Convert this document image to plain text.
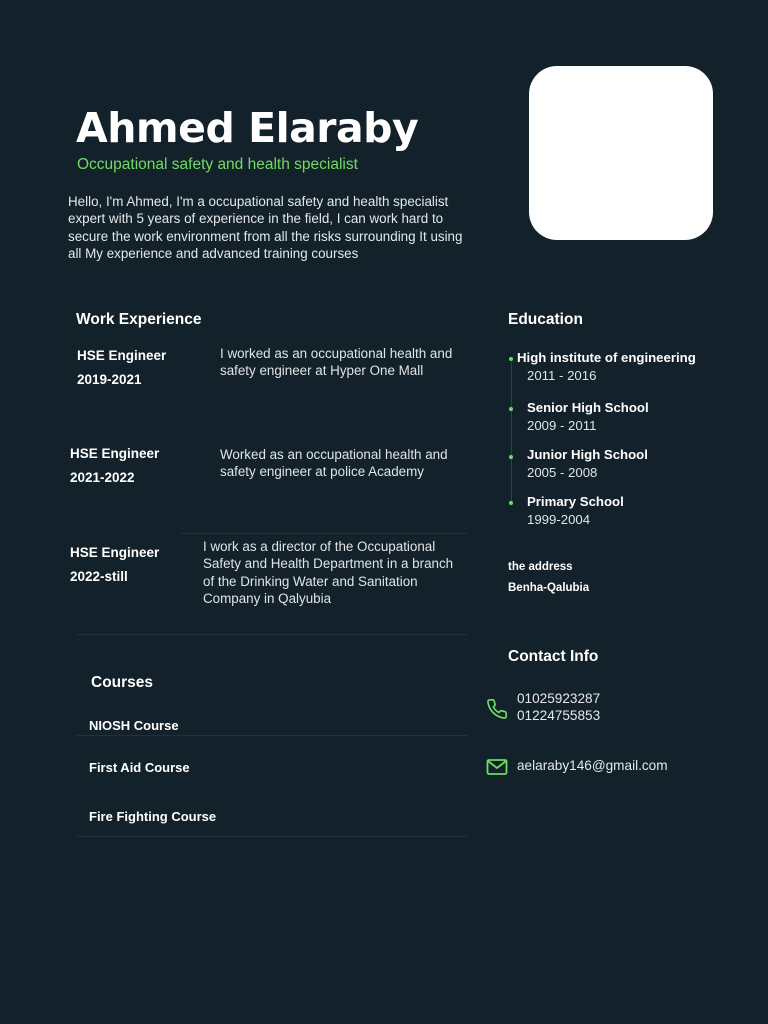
Ahmed Elaraby
Occupational safety and health specialist
Hello, I'm Ahmed, I'm a occupational safety and health specialist expert with 5 years of experience in the field, I can work hard to secure the work environment from all the risks surrounding It using all My experience and advanced training courses
Work Experience
HSE Engineer
2019-2021
I worked as an occupational health and safety engineer at Hyper One Mall
HSE Engineer
2021-2022
Worked as an occupational health and safety engineer at police Academy
HSE Engineer
2022-still
I work as a director of the Occupational Safety and Health Department in a branch of the Drinking Water and Sanitation Company in Qalyubia
Education
High institute of engineering
2011 - 2016
Senior High School
2009 - 2011
Junior High School
2005 - 2008
Primary School
1999-2004
the address
Benha-Qalubia
Courses
NIOSH Course
First Aid Course
Fire Fighting Course
Contact Info
01025923287
01224755853
aelaraby146@gmail.com
